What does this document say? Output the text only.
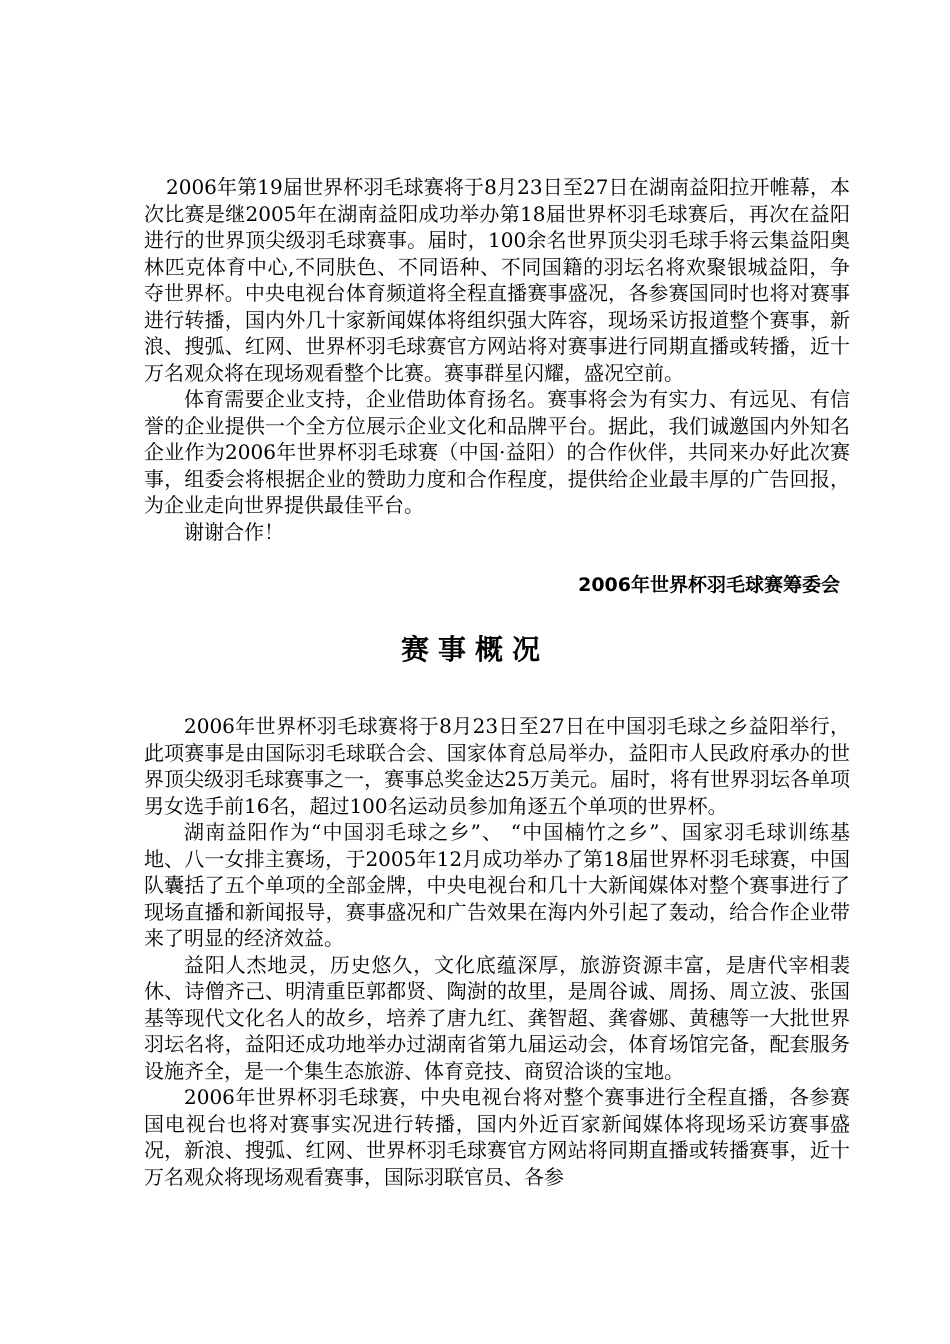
2006年第19届世界杯羽毛球赛将于8月23日至27日在湖南益阳拉开帷幕，本次比赛是继2005年在湖南益阳成功举办第18届世界杯羽毛球赛后，再次在益阳进行的世界顶尖级羽毛球赛事。届时，100余名世界顶尖羽毛球手将云集益阳奥林匹克体育中心,不同肤色、不同语种、不同国籍的羽坛名将欢聚银城益阳，争夺世界杯。中央电视台体育频道将全程直播赛事盛况，各参赛国同时也将对赛事进行转播，国内外几十家新闻媒体将组织强大阵容，现场采访报道整个赛事，新浪、搜弧、红网、世界杯羽毛球赛官方网站将对赛事进行同期直播或转播，近十万名观众将在现场观看整个比赛。赛事群星闪耀，盛况空前。

体育需要企业支持，企业借助体育扬名。赛事将会为有实力、有远见、有信誉的企业提供一个全方位展示企业文化和品牌平台。据此，我们诚邀国内外知名企业作为2006年世界杯羽毛球赛（中国·益阳）的合作伙伴，共同来办好此次赛事，组委会将根据企业的赞助力度和合作程度，提供给企业最丰厚的广告回报，为企业走向世界提供最佳平台。

谢谢合作！

2006年世界杯羽毛球赛筹委会
赛事概况

2006年世界杯羽毛球赛将于8月23日至27日在中国羽毛球之乡益阳举行，此项赛事是由国际羽毛球联合会、国家体育总局举办，益阳市人民政府承办的世界顶尖级羽毛球赛事之一，赛事总奖金达25万美元。届时，将有世界羽坛各单项男女选手前16名，超过100名运动员参加角逐五个单项的世界杯。

湖南益阳作为“中国羽毛球之乡”、 “中国楠竹之乡”、国家羽毛球训练基地、八一女排主赛场，于2005年12月成功举办了第18届世界杯羽毛球赛，中国队囊括了五个单项的全部金牌，中央电视台和几十大新闻媒体对整个赛事进行了现场直播和新闻报导，赛事盛况和广告效果在海内外引起了轰动，给合作企业带来了明显的经济效益。

益阳人杰地灵，历史悠久，文化底蕴深厚，旅游资源丰富，是唐代宰相裴休、诗僧齐己、明清重臣郭都贤、陶澍的故里，是周谷诚、周扬、周立波、张国基等现代文化名人的故乡，培养了唐九红、龚智超、龚睿娜、黄穗等一大批世界羽坛名将，益阳还成功地举办过湖南省第九届运动会，体育场馆完备，配套服务设施齐全，是一个集生态旅游、体育竞技、商贸洽谈的宝地。

2006年世界杯羽毛球赛，中央电视台将对整个赛事进行全程直播，各参赛国电视台也将对赛事实况进行转播，国内外近百家新闻媒体将现场采访赛事盛况，新浪、搜弧、红网、世界杯羽毛球赛官方网站将同期直播或转播赛事，近十万名观众将现场观看赛事，国际羽联官员、各参
